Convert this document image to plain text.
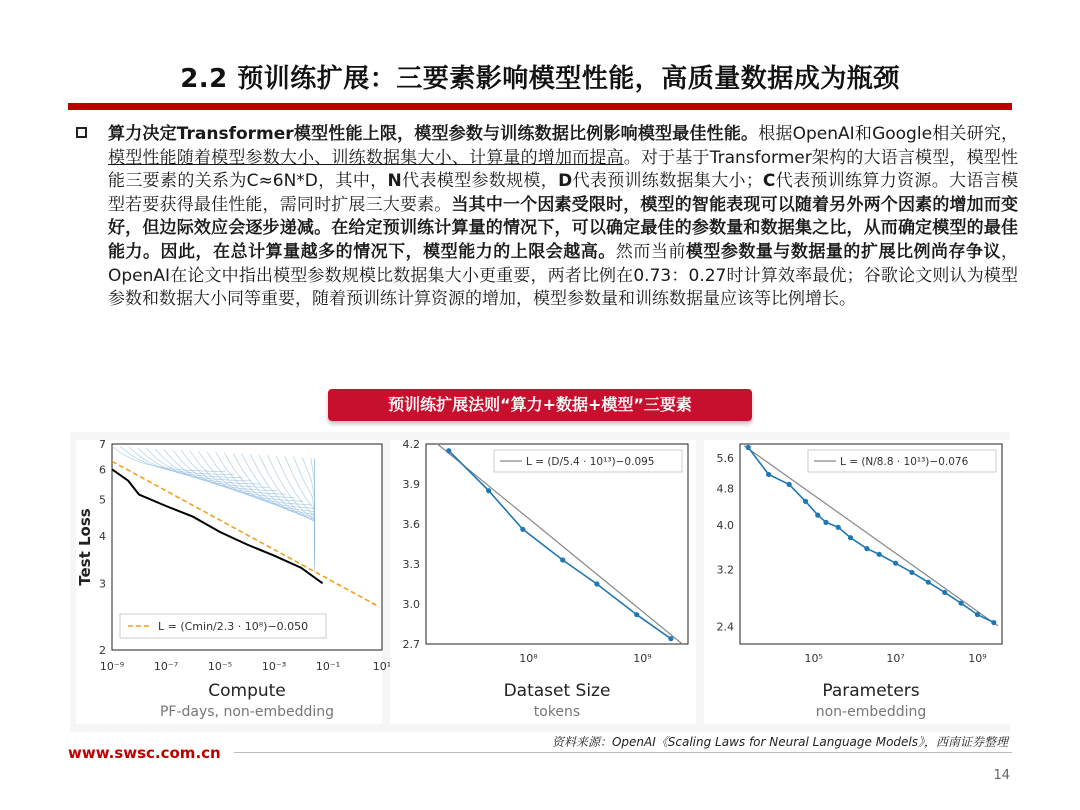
2.2 预训练扩展：三要素影响模型性能，高质量数据成为瓶颈
算力决定Transformer模型性能上限，模型参数与训练数据比例影响模型最佳性能。根据OpenAI和Google相关研究，模型性能随着模型参数大小、训练数据集大小、计算量的增加而提高。对于基于Transformer架构的大语言模型，模型性能三要素的关系为C≈6N*D，其中，N代表模型参数规模，D代表预训练数据集大小；C代表预训练算力资源。大语言模型若要获得最佳性能，需同时扩展三大要素。当其中一个因素受限时，模型的智能表现可以随着另外两个因素的增加而变好，但边际效应会逐步递减。在给定预训练计算量的情况下，可以确定最佳的参数量和数据集之比，从而确定模型的最佳能力。因此，在总计算量越多的情况下，模型能力的上限会越高。然而当前模型参数量与数据量的扩展比例尚存争议，OpenAI在论文中指出模型参数规模比数据集大小更重要，两者比例在0.73：0.27时计算效率最优；谷歌论文则认为模型参数和数据大小同等重要，随着预训练计算资源的增加，模型参数量和训练数据量应该等比例增长。
预训练扩展法则“算力+数据+模型”三要素
Compute
PF-days, non-embedding
10⁻⁹	10⁻⁷	10⁻⁵	10⁻³	10⁻¹	10¹
2
3
4
5
6
7
Test Loss
L = (Cmin/2.3 · 10⁸)−0.050
Dataset Size
tokens
10⁸	10⁹
2.7
3.0
3.3
3.6
3.9
4.2
L = (D/5.4 · 10¹³)−0.095
Parameters
non-embedding
10⁵	10⁷	10⁹
2.4
3.2
4.0
4.8
5.6	L = (N/8.8 · 10¹³)−0.076
www.swsc.com.cn
资料来源：OpenAI《Scaling Laws for Neural Language Models》，西南证券整理
14
